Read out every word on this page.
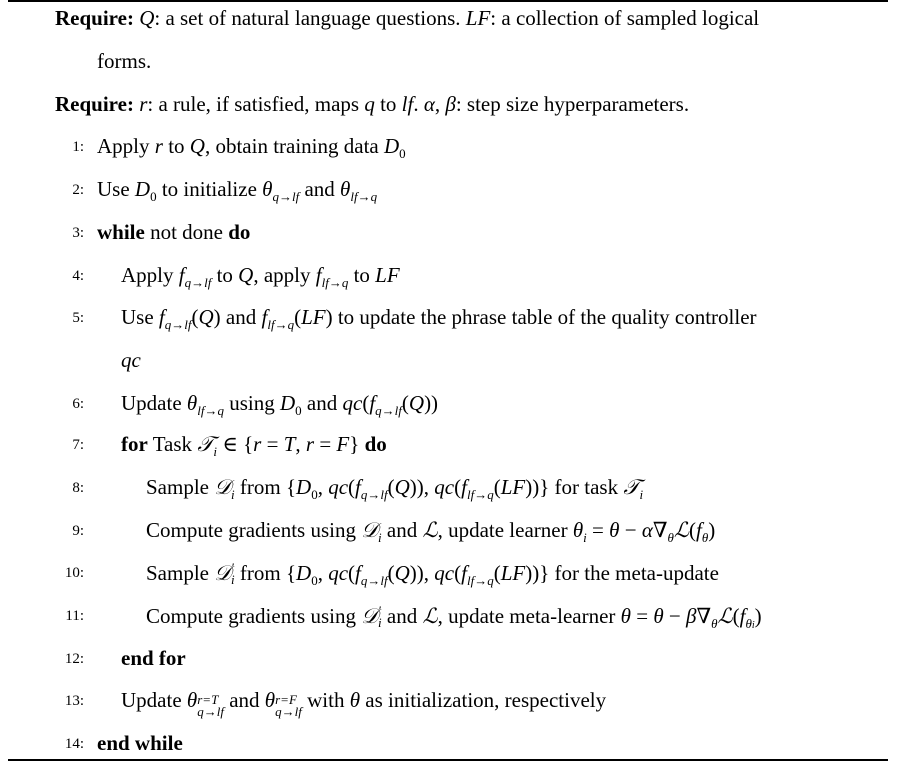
Require: Q: a set of natural language questions. LF: a collection of sampled logical
forms.
Require: r: a rule, if satisfied, maps q to lf. α, β: step size hyperparameters.
1: Apply r to Q, obtain training data $D_0$
2: Use $D_0$ to initialize $\theta_{q\to lf}$ and $\theta_{lf\to q}$
3: while not done do
4: Apply $f_{q\to lf}$ to Q, apply $f_{lf\to q}$ to LF
5: Use $f_{q\to lf}(Q)$ and $f_{lf\to q}(LF)$ to update the phrase table of the quality controller
qc
6: Update $\theta_{lf\to q}$ using $D_0$ and $qc(f_{q\to lf}(Q))$
7: for Task 𝒯$_i$ ∈ {r = T, r = F} do
8:	Sample 𝒟$_i$ from {$D_0$, $qc(f_{q\to lf}(Q))$, $qc(f_{lf\to q}(LF))$} for task 𝒯$_i$
9:	Compute gradients using 𝒟$_i$ and ℒ, update learner $\theta_i = \theta$ − $\alpha\nabla_\theta ℒ(f_\theta)$
10:	Sample 𝒟′
i from {$D_0$, $qc(f_{q\to lf}(Q))$, $qc(f_{lf\to q}(LF))$} for the meta-update
11:	Compute gradients using 𝒟′
i and ℒ, update meta-learner $\theta = \theta - \beta\nabla_\theta ℒ(f_{\theta i})$
12: end for
13: Update θr=T
q→lf and θr=F
q→lf with θ as initialization, respectively
14: end while
